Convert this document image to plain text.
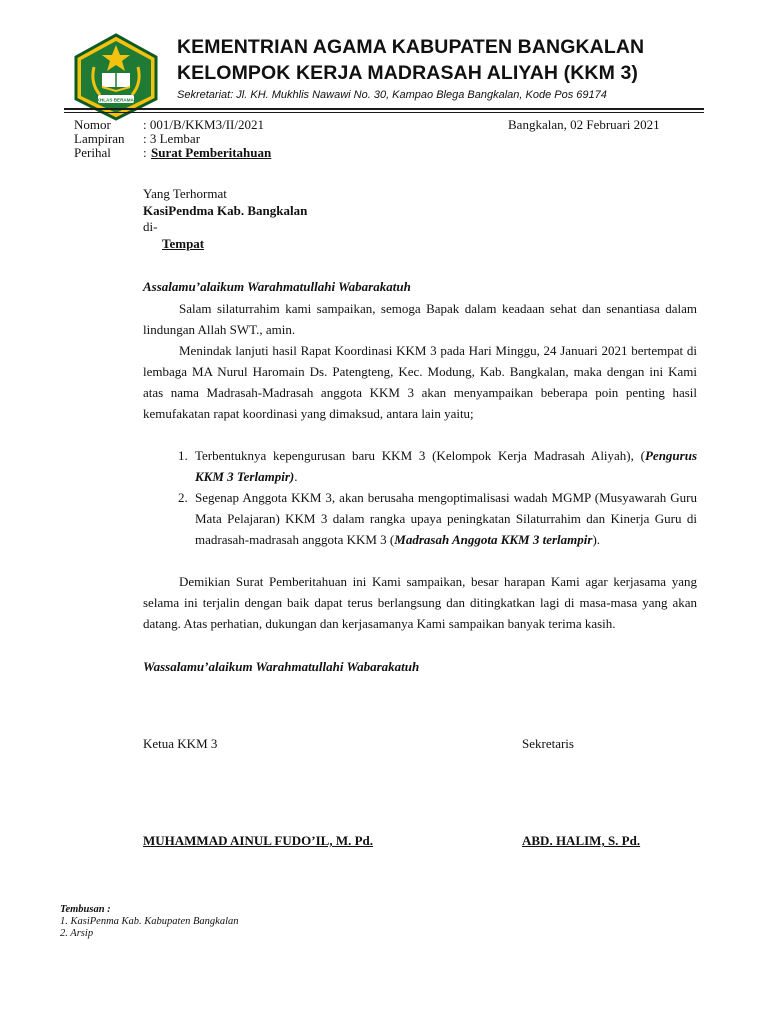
IKHLAS BERAMAL
KEMENTRIAN AGAMA KABUPATEN BANGKALAN
KELOMPOK KERJA MADRASAH ALIYAH (KKM 3)
Sekretariat: Jl. KH. Mukhlis Nawawi No. 30, Kampao Blega Bangkalan, Kode Pos 69174
Nomor : 001/B/KKM3/II/2021	Bangkalan, 02 Februari 2021
Lampiran : 3 Lembar
Perihal : Surat Pemberitahuan
Yang Terhormat
KasiPendma Kab. Bangkalan
di-
Tempat
Assalamu’alaikum Warahmatullahi Wabarakatuh

Salam silaturrahim kami sampaikan, semoga Bapak dalam keadaan sehat dan senantiasa dalam lindungan Allah SWT., amin.

Menindak lanjuti hasil Rapat Koordinasi KKM 3 pada Hari Minggu, 24 Januari 2021 bertempat di lembaga MA Nurul Haromain Ds. Patengteng, Kec. Modung, Kab. Bangkalan, maka dengan ini Kami atas nama Madrasah-Madrasah anggota KKM 3 akan menyampaikan beberapa poin penting hasil kemufakatan rapat koordinasi yang dimaksud, antara lain yaitu;

1. Terbentuknya kepengurusan baru KKM 3 (Kelompok Kerja Madrasah Aliyah), (Pengurus KKM 3 Terlampir).

2. Segenap Anggota KKM 3, akan berusaha mengoptimalisasi wadah MGMP (Musyawarah Guru Mata Pelajaran) KKM 3 dalam rangka upaya peningkatan Silaturrahim dan Kinerja Guru di madrasah-madrasah anggota KKM 3 (Madrasah Anggota KKM 3 terlampir).

Demikian Surat Pemberitahuan ini Kami sampaikan, besar harapan Kami agar kerjasama yang selama ini terjalin dengan baik dapat terus berlangsung dan ditingkatkan lagi di masa-masa yang akan datang. Atas perhatian, dukungan dan kerjasamanya Kami sampaikan banyak terima kasih.

Wassalamu’alaikum Warahmatullahi Wabarakatuh
Ketua KKM 3	Sekretaris
MUHAMMAD AINUL FUDO’IL, M. Pd.	ABD. HALIM, S. Pd.
Tembusan :
1. KasiPenma Kab. Kabupaten Bangkalan
2. Arsip
